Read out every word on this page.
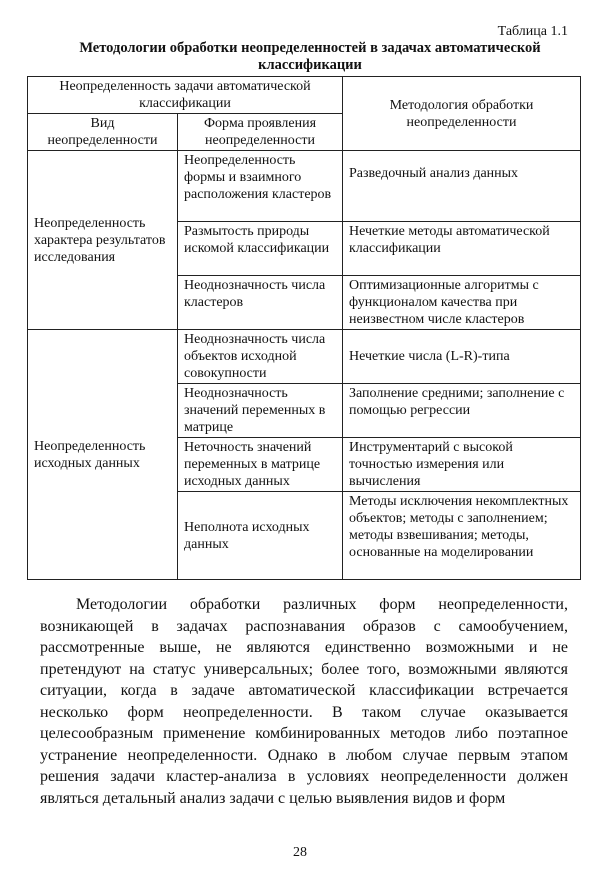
Таблица 1.1
Методологии обработки неопределенностей в задачах автоматической классификации
Неопределенность задачи автоматической классификации		Методология обработки неопределенности
Вид неопределенности	Форма проявления неопределенности	
Неопределенность характера результатов исследования	Неопределенность формы и взаимного расположения кластеров	Разведочный анализ данных
	Размытость природы искомой классификации	Нечеткие методы автоматической классификации
	Неоднозначность числа кластеров	Оптимизационные алгоритмы с функционалом качества при неизвестном числе кластеров
Неопределенность исходных данных	Неоднозначность числа объектов исходной совокупности	Нечеткие числа (L-R)-типа
	Неоднозначность значений переменных в матрице	Заполнение средними; заполнение с помощью регрессии
	Неточность значений переменных в матрице исходных данных	Инструментарий с высокой точностью измерения или вычисления
	Неполнота исходных данных	Методы исключения некомплектных объектов; методы с заполнением; методы взвешивания; методы, основанные на моделировании
Методологии обработки различных форм неопределенности, возникающей в задачах распознавания образов с самообучением, рассмотренные выше, не являются единственно возможными и не претендуют на статус универсальных; более того, возможными являются ситуации, когда в задаче автоматической классификации встречается несколько форм неопределенности. В таком случае оказывается целесообразным применение комбинированных методов либо поэтапное устранение неопределенности. Однако в любом случае первым этапом решения задачи кластер-анализа в условиях неопределенности должен являться детальный анализ задачи с целью выявления видов и форм
28
